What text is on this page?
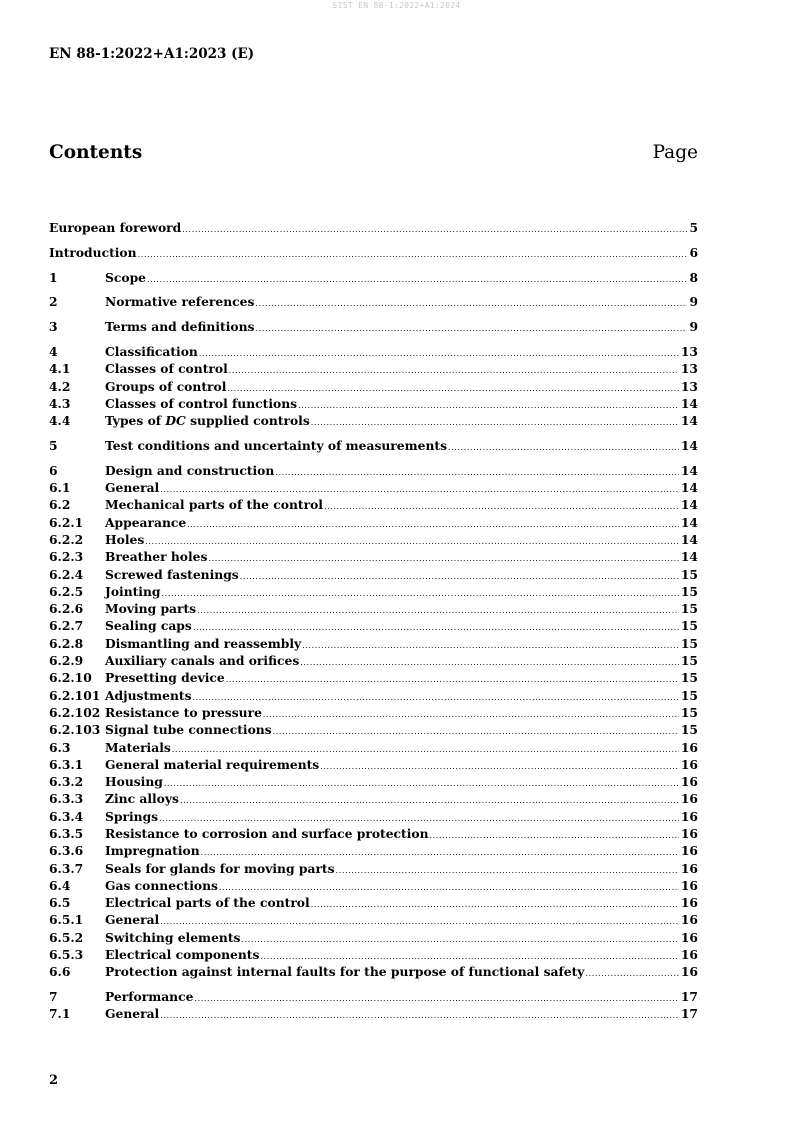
SIST EN 88-1:2022+A1:2024
EN 88-1:2022+A1:2023 (E)
Contents	Page
European foreword .....	5
Introduction .....	6
1	Scope .....	8
2	Normative references .....	9
3	Terms and definitions .....	9
4	Classification .....	13
4.1	Classes of control .....	13
4.2	Groups of control .....	13
4.3	Classes of control functions .....	14
4.4	Types of DC supplied controls .....	14
5	Test conditions and uncertainty of measurements .....	14
6	Design and construction .....	14
6.1	General .....	14
6.2	Mechanical parts of the control .....	14
6.2.1	Appearance .....	14
6.2.2	Holes .....	14
6.2.3	Breather holes .....	14
6.2.4	Screwed fastenings .....	15
6.2.5	Jointing .....	15
6.2.6	Moving parts .....	15
6.2.7	Sealing caps .....	15
6.2.8	Dismantling and reassembly .....	15
6.2.9	Auxiliary canals and orifices .....	15
6.2.10	Presetting device .....	15
6.2.101 Adjustments .....	15
6.2.102 Resistance to pressure .....	15
6.2.103 Signal tube connections .....	15
6.3	Materials .....	16
6.3.1	General material requirements .....	16
6.3.2	Housing .....	16
6.3.3	Zinc alloys .....	16
6.3.4	Springs .....	16
6.3.5	Resistance to corrosion and surface protection .....	16
6.3.6	Impregnation .....	16
6.3.7	Seals for glands for moving parts .....	16
6.4	Gas connections .....	16
6.5	Electrical parts of the control .....	16
6.5.1	General .....	16
6.5.2	Switching elements .....	16
6.5.3	Electrical components .....	16
6.6	Protection against internal faults for the purpose of functional safety .....	16
7	Performance .....	17
7.1	General .....	17
2
